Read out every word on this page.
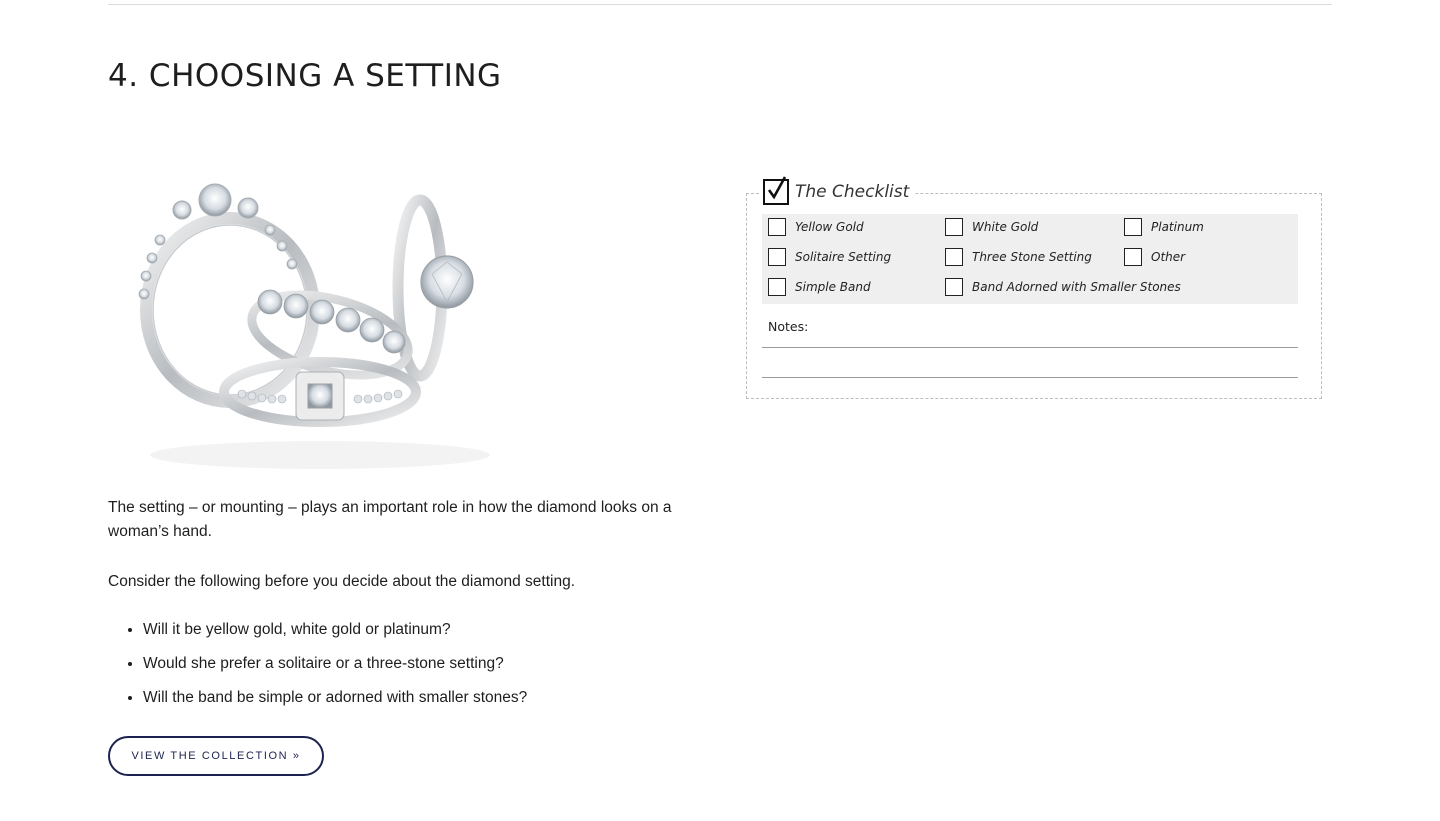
4. CHOOSING A SETTING

The setting – or mounting – plays an important role in how the diamond looks on a woman’s hand.

Consider the following before you decide about the diamond setting.

• Will it be yellow gold, white gold or platinum?
• Would she prefer a solitaire or a three-stone setting?
• Will the band be simple or adorned with smaller stones?
VIEW THE COLLECTION »
The Checklist
Yellow Gold	White Gold	Platinum
Solitaire Setting	Three Stone Setting	Other
Simple Band	Band Adorned with Smaller Stones
Notes:
